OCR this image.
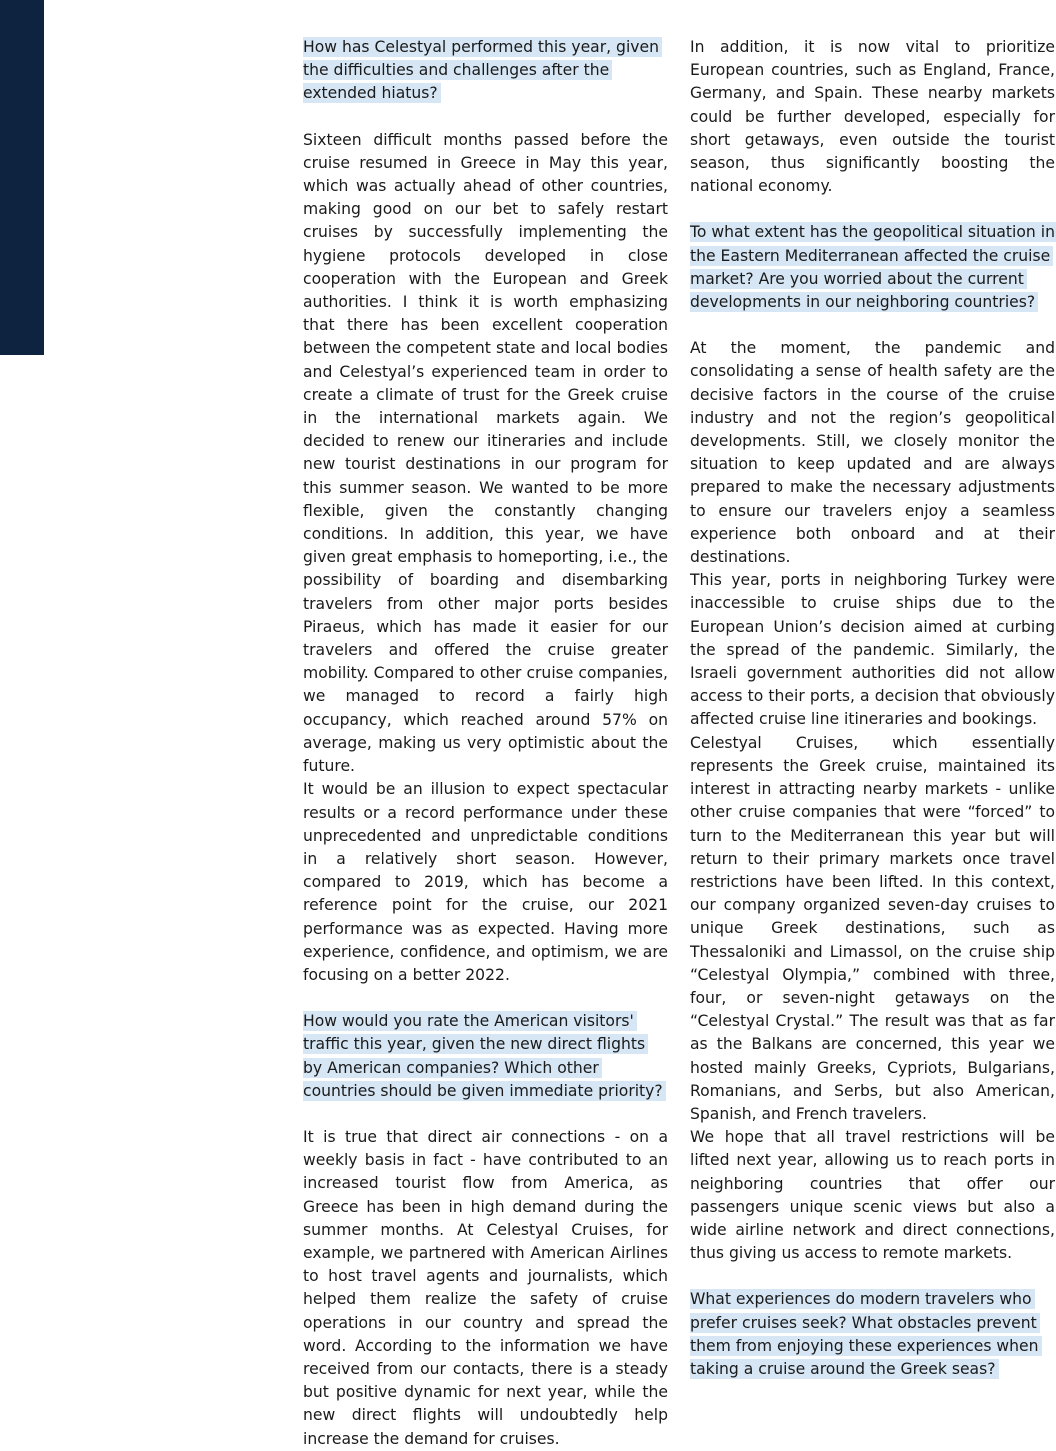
How has Celestyal performed this year, given the difficulties and challenges after the extended hiatus?

Sixteen difficult months passed before the cruise resumed in Greece in May this year, which was actually ahead of other countries, making good on our bet to safely restart cruises by successfully implementing the hygiene protocols developed in close cooperation with the European and Greek authorities. I think it is worth emphasizing that there has been excellent cooperation between the competent state and local bodies and Celestyal’s experienced team in order to create a climate of trust for the Greek cruise in the international markets again. We decided to renew our itineraries and include new tourist destinations in our program for this summer season. We wanted to be more flexible, given the constantly changing conditions. In addition, this year, we have given great emphasis to homeporting, i.e., the possibility of boarding and disembarking travelers from other major ports besides Piraeus, which has made it easier for our travelers and offered the cruise greater mobility. Compared to other cruise companies, we managed to record a fairly high occupancy, which reached around 57% on average, making us very optimistic about the future.

It would be an illusion to expect spectacular results or a record performance under these unprecedented and unpredictable conditions in a relatively short season. However, compared to 2019, which has become a reference point for the cruise, our 2021 performance was as expected. Having more experience, confidence, and optimism, we are focusing on a better 2022.

How would you rate the American visitors' traffic this year, given the new direct flights by American companies? Which other countries should be given immediate priority?

It is true that direct air connections - on a weekly basis in fact - have contributed to an increased tourist flow from America, as Greece has been in high demand during the summer months. At Celestyal Cruises, for example, we partnered with American Airlines to host travel agents and journalists, which helped them realize the safety of cruise operations in our country and spread the word. According to the information we have received from our contacts, there is a steady but positive dynamic for next year, while the new direct flights will undoubtedly help increase the demand for cruises.

In addition, it is now vital to prioritize European countries, such as England, France, Germany, and Spain. These nearby markets could be further developed, especially for short getaways, even outside the tourist season, thus significantly boosting the national economy.

To what extent has the geopolitical situation in the Eastern Mediterranean affected the cruise market? Are you worried about the current developments in our neighboring countries?

At the moment, the pandemic and consolidating a sense of health safety are the decisive factors in the course of the cruise industry and not the region’s geopolitical developments. Still, we closely monitor the situation to keep updated and are always prepared to make the necessary adjustments to ensure our travelers enjoy a seamless experience both onboard and at their destinations.

This year, ports in neighboring Turkey were inaccessible to cruise ships due to the European Union’s decision aimed at curbing the spread of the pandemic. Similarly, the Israeli government authorities did not allow access to their ports, a decision that obviously affected cruise line itineraries and bookings.

Celestyal Cruises, which essentially represents the Greek cruise, maintained its interest in attracting nearby markets - unlike other cruise companies that were “forced” to turn to the Mediterranean this year but will return to their primary markets once travel restrictions have been lifted. In this context, our company organized seven-day cruises to unique Greek destinations, such as Thessaloniki and Limassol, on the cruise ship “Celestyal Olympia,” combined with three, four, or seven-night getaways on the “Celestyal Crystal.” The result was that as far as the Balkans are concerned, this year we hosted mainly Greeks, Cypriots, Bulgarians, Romanians, and Serbs, but also American, Spanish, and French travelers.

We hope that all travel restrictions will be lifted next year, allowing us to reach ports in neighboring countries that offer our passengers unique scenic views but also a wide airline network and direct connections, thus giving us access to remote markets.

What experiences do modern travelers who prefer cruises seek? What obstacles prevent them from enjoying these experiences when taking a cruise around the Greek seas?
